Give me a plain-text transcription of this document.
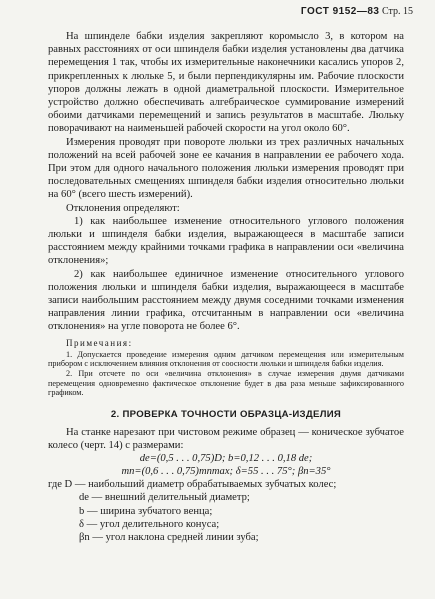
ГОСТ 9152—83 Стр. 15

На шпинделе бабки изделия закрепляют коромысло 3, в котором на равных расстояниях от оси шпинделя бабки изделия установлены два датчика перемещения 1 так, чтобы их измерительные наконечники касались упоров 2, прикрепленных к люльке 5, и были перпендикулярны им. Рабочие плоскости упоров должны лежать в одной диаметральной плоскости. Измерительное устройство должно обеспечивать алгебраическое суммирование измерений обоими датчиками перемещений и запись результатов в масштабе. Люльку поворачивают на наименьшей рабочей скорости на угол около 60°.

Измерения проводят при повороте люльки из трех различных начальных положений на всей рабочей зоне ее качания в направлении ее рабочего хода. При этом для одного начального положения люльки измерения проводят при последовательных смещениях шпинделя бабки изделия относительно люльки на 60° (всего шесть измерений).

Отклонения определяют:

1) как наибольшее изменение относительного углового положения люльки и шпинделя бабки изделия, выражающееся в масштабе записи расстоянием между крайними точками графика в направлении оси «величина отклонения»;

2) как наибольшее единичное изменение относительного углового положения люльки и шпинделя бабки изделия, выражающееся в масштабе записи наибольшим расстоянием между двумя соседними точками изменения направления линии графика, отсчитанным в направлении оси «величина отклонения» на угле поворота не более 6°.

Примечания:

1. Допускается проведение измерения одним датчиком перемещения или измерительным прибором с исключением влияния отклонения от соосности люльки и шпинделя бабки изделия.

2. При отсчете по оси «величина отклонения» в случае измерения двумя датчиками перемещения одновременно фактическое отклонение будет в два раза меньше зафиксированного графиком.

2. ПРОВЕРКА ТОЧНОСТИ ОБРАЗЦА-ИЗДЕЛИЯ

На станке нарезают при чистовом режиме образец — коническое зубчатое колесо (черт. 14) с размерами:

de=(0,5 . . . 0,75)D; b=0,12 . . . 0,18 de;

mn=(0,6 . . . 0,75)mnmax; δ=55 . . . 75°; βn=35°

где D — наибольший диаметр обрабатываемых зубчатых колес;

de — внешний делительный диаметр;

b — ширина зубчатого венца;

δ — угол делительного конуса;

βn — угол наклона средней линии зуба;
